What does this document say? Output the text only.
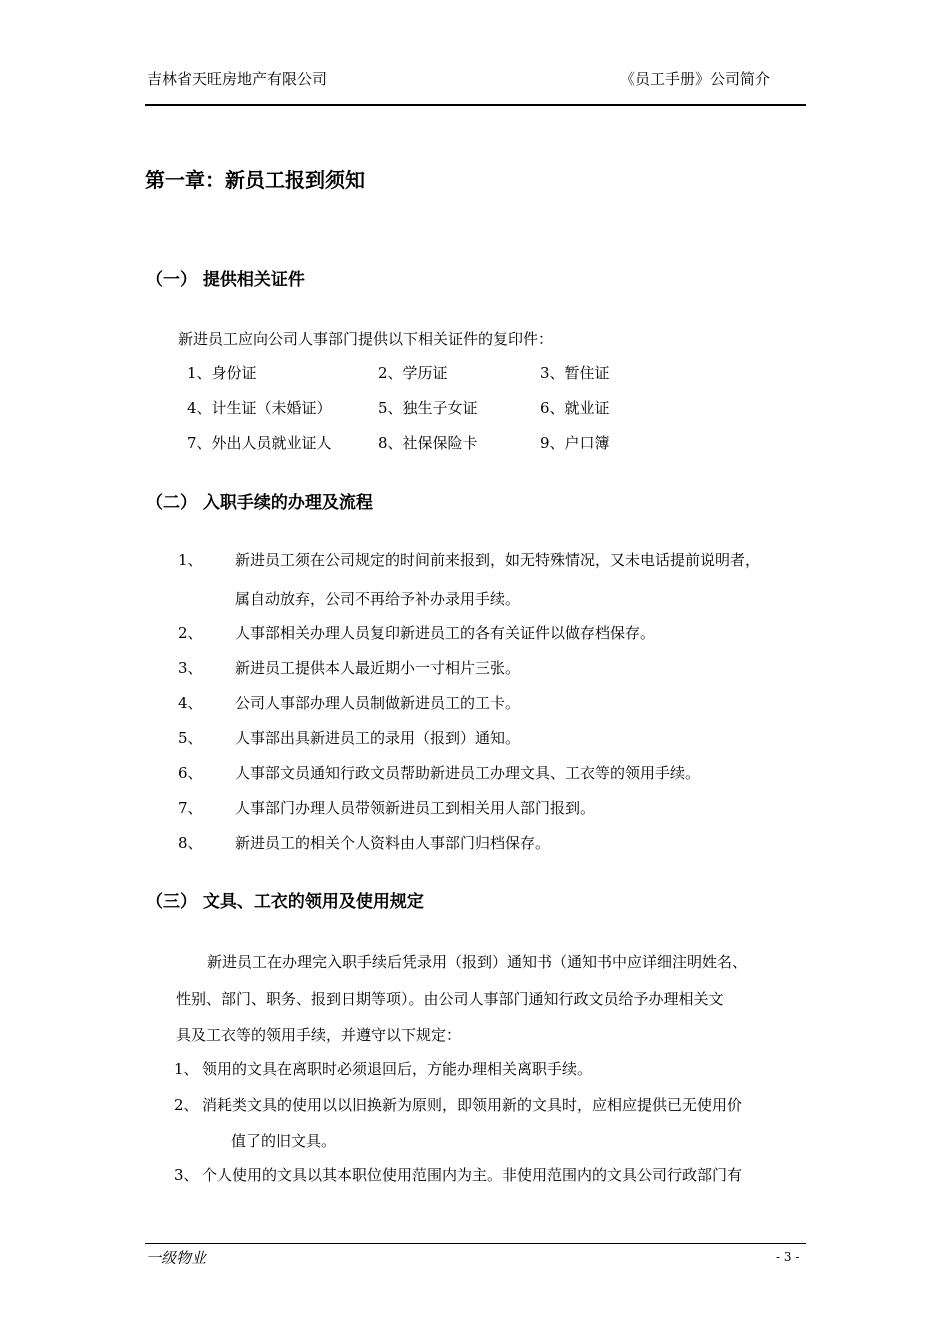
吉林省天旺房地产有限公司	《员工手册》公司简介
第一章：新员工报到须知
（一） 提供相关证件
新进员工应向公司人事部门提供以下相关证件的复印件：
1、身份证	2、学历证	3、暂住证
4、计生证（未婚证）	5、独生子女证	6、就业证
7、外出人员就业证人	8、社保保险卡	9、户口簿
（二） 入职手续的办理及流程
1、 新进员工须在公司规定的时间前来报到，如无特殊情况，又未电话提前说明者，
属自动放弃，公司不再给予补办录用手续。
2、 人事部相关办理人员复印新进员工的各有关证件以做存档保存。
3、 新进员工提供本人最近期小一寸相片三张。
4、 公司人事部办理人员制做新进员工的工卡。
5、 人事部出具新进员工的录用（报到）通知。
6、 人事部文员通知行政文员帮助新进员工办理文具、工衣等的领用手续。
7、 人事部门办理人员带领新进员工到相关用人部门报到。
8、 新进员工的相关个人资料由人事部门归档保存。
（三） 文具、工衣的领用及使用规定
新进员工在办理完入职手续后凭录用（报到）通知书（通知书中应详细注明姓名、
性别、部门、职务、报到日期等项）。由公司人事部门通知行政文员给予办理相关文
具及工衣等的领用手续，并遵守以下规定：
1、 领用的文具在离职时必须退回后，方能办理相关离职手续。
2、 消耗类文具的使用以以旧换新为原则，即领用新的文具时，应相应提供已无使用价
值了的旧文具。
3、 个人使用的文具以其本职位使用范围内为主。非使用范围内的文具公司行政部门有
一级物业	- 3 -
